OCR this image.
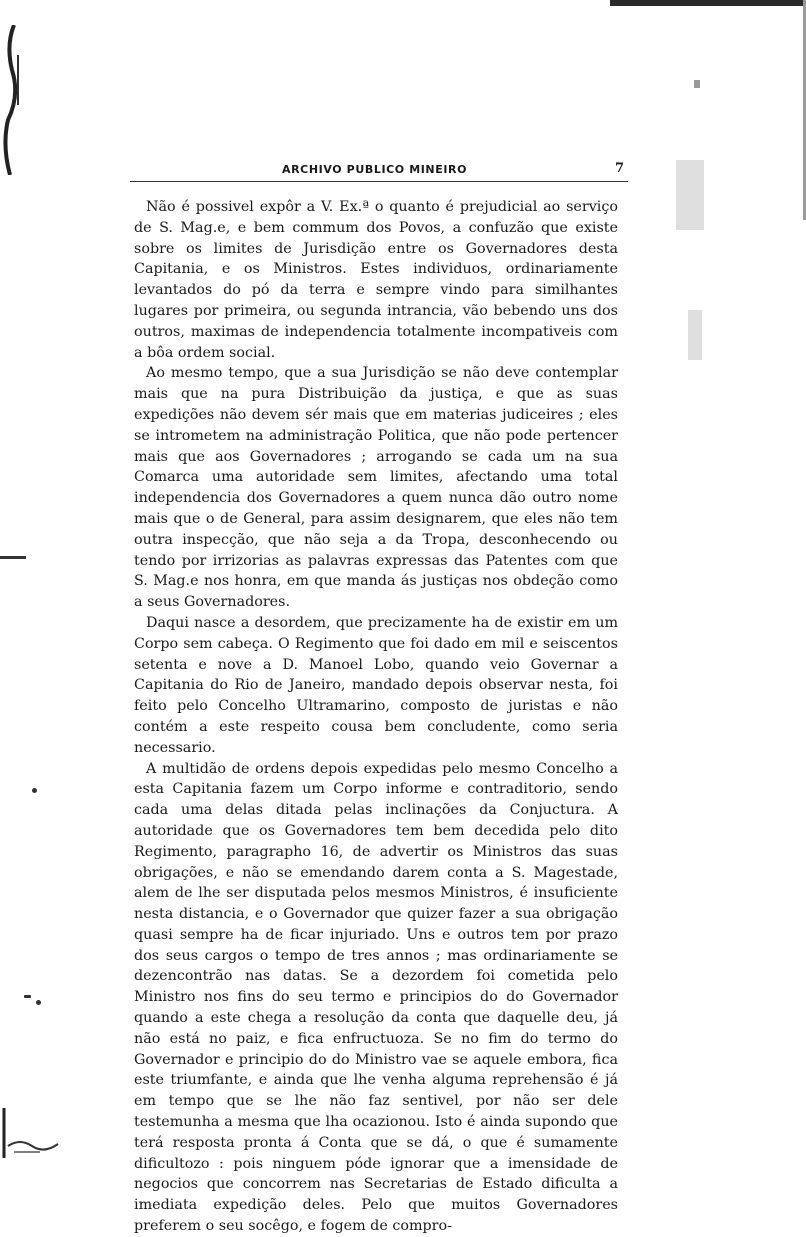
ARCHIVO PUBLICO MINEIRO	7

Não é possivel expôr a V. Ex.ª o quanto é prejudicial ao serviço de S. Mag.e, e bem commum dos Povos, a confuzão que existe sobre os limites de Jurisdição entre os Governadores desta Capitania, e os Ministros. Estes individuos, ordinariamente levantados do pó da terra e sempre vindo para similhantes lugares por primeira, ou segunda intrancia, vão bebendo uns dos outros, maximas de independencia totalmente incompativeis com a bôa ordem social.

Ao mesmo tempo, que a sua Jurisdição se não deve contemplar mais que na pura Distribuição da justiça, e que as suas expedições não devem sér mais que em materias judiceires ; eles se intrometem na administração Politica, que não pode pertencer mais que aos Governadores ; arrogando se cada um na sua Comarca uma autoridade sem limites, afectando uma total independencia dos Governadores a quem nunca dão outro nome mais que o de General, para assim designarem, que eles não tem outra inspecção, que não seja a da Tropa, desconhecendo ou tendo por irrizorias as palavras expressas das Patentes com que S. Mag.e nos honra, em que manda ás justiças nos obdeção como a seus Governadores.

Daqui nasce a desordem, que precizamente ha de existir em um Corpo sem cabeça. O Regimento que foi dado em mil e seiscentos setenta e nove a D. Manoel Lobo, quando veio Governar a Capitania do Rio de Janeiro, mandado depois observar nesta, foi feito pelo Concelho Ultramarino, composto de juristas e não contém a este respeito cousa bem concludente, como seria necessario.

A multidão de ordens depois expedidas pelo mesmo Concelho a esta Capitania fazem um Corpo informe e contraditorio, sendo cada uma delas ditada pelas inclinações da Conjuctura. A autoridade que os Governadores tem bem decedida pelo dito Regimento, paragrapho 16, de advertir os Ministros das suas obrigações, e não se emendando darem conta a S. Magestade, alem de lhe ser disputada pelos mesmos Ministros, é insuficiente nesta distancia, e o Governador que quizer fazer a sua obrigação quasi sempre ha de ficar injuriado. Uns e outros tem por prazo dos seus cargos o tempo de tres annos ; mas ordinariamente se dezencontrão nas datas. Se a dezordem foi cometida pelo Ministro nos fins do seu termo e principios do do Governador quando a este chega a resolução da conta que daquelle deu, já não está no paiz, e fica enfructuoza. Se no fim do termo do Governador e principio do do Ministro vae se aquele embora, fica este triumfante, e ainda que lhe venha alguma reprehensão é já em tempo que se lhe não faz sentivel, por não ser dele testemunha a mesma que lha ocazionou. Isto é ainda supondo que terá resposta pronta á Conta que se dá, o que é sumamente dificultozo : pois ninguem póde ignorar que a imensidade de negocios que concorrem nas Secretarias de Estado dificulta a imediata expedição deles. Pelo que muitos Governadores preferem o seu socêgo, e fogem de compro-
